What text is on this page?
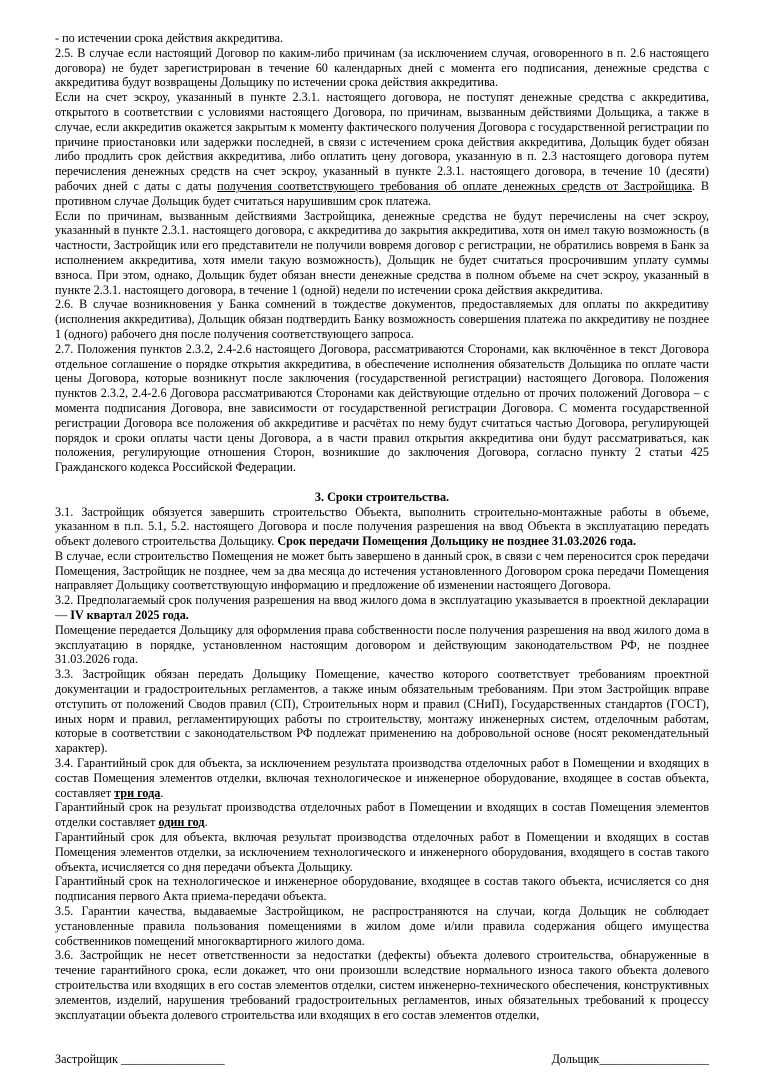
- по истечении срока действия аккредитива.

2.5. В случае если настоящий Договор по каким-либо причинам (за исключением случая, оговоренного в п. 2.6 настоящего договора) не будет зарегистрирован в течение 60 календарных дней с момента его подписания, денежные средства с аккредитива будут возвращены Дольщику по истечении срока действия аккредитива.

Если на счет эскроу, указанный в пункте 2.3.1. настоящего договора, не поступят денежные средства с аккредитива, открытого в соответствии с условиями настоящего Договора, по причинам, вызванным действиями Дольщика, а также в случае, если аккредитив окажется закрытым к моменту фактического получения Договора с государственной регистрации по причине приостановки или задержки последней, в связи с истечением срока действия аккредитива, Дольщик будет обязан либо продлить срок действия аккредитива, либо оплатить цену договора, указанную в п. 2.3 настоящего договора путем перечисления денежных средств на счет эскроу, указанный в пункте 2.3.1. настоящего договора, в течение 10 (десяти) рабочих дней с даты с даты получения соответствующего требования об оплате денежных средств от Застройщика. В противном случае Дольщик будет считаться нарушившим срок платежа.

Если по причинам, вызванным действиями Застройщика, денежные средства не будут перечислены на счет эскроу, указанный в пункте 2.3.1. настоящего договора, с аккредитива до закрытия аккредитива, хотя он имел такую возможность (в частности, Застройщик или его представители не получили вовремя договор с регистрации, не обратились вовремя в Банк за исполнением аккредитива, хотя имели такую возможность), Дольщик не будет считаться просрочившим уплату суммы взноса. При этом, однако, Дольщик будет обязан внести денежные средства в полном объеме на счет эскроу, указанный в пункте 2.3.1. настоящего договора, в течение 1 (одной) недели по истечении срока действия аккредитива.

2.6. В случае возникновения у Банка сомнений в тождестве документов, предоставляемых для оплаты по аккредитиву (исполнения аккредитива), Дольщик обязан подтвердить Банку возможность совершения платежа по аккредитиву не позднее 1 (одного) рабочего дня после получения соответствующего запроса.

2.7. Положения пунктов 2.3.2, 2.4-2.6 настоящего Договора, рассматриваются Сторонами, как включённое в текст Договора отдельное соглашение о порядке открытия аккредитива, в обеспечение исполнения обязательств Дольщика по оплате части цены Договора, которые возникнут после заключения (государственной регистрации) настоящего Договора. Положения пунктов 2.3.2, 2.4-2.6 Договора рассматриваются Сторонами как действующие отдельно от прочих положений Договора – с момента подписания Договора, вне зависимости от государственной регистрации Договора. С момента государственной регистрации Договора все положения об аккредитиве и расчётах по нему будут считаться частью Договора, регулирующей порядок и сроки оплаты части цены Договора, а в части правил открытия аккредитива они будут рассматриваться, как положения, регулирующие отношения Сторон, возникшие до заключения Договора, согласно пункту 2 статьи 425 Гражданского кодекса Российской Федерации.

3. Сроки строительства.

3.1. Застройщик обязуется завершить строительство Объекта, выполнить строительно-монтажные работы в объеме, указанном в п.п. 5.1, 5.2. настоящего Договора и после получения разрешения на ввод Объекта в эксплуатацию передать объект долевого строительства Дольщику. Срок передачи Помещения Дольщику не позднее 31.03.2026 года.

В случае, если строительство Помещения не может быть завершено в данный срок, в связи с чем переносится срок передачи Помещения, Застройщик не позднее, чем за два месяца до истечения установленного Договором срока передачи Помещения направляет Дольщику соответствующую информацию и предложение об изменении настоящего Договора.

3.2. Предполагаемый срок получения разрешения на ввод жилого дома в эксплуатацию указывается в проектной декларации — IV квартал 2025 года.

Помещение передается Дольщику для оформления права собственности после получения разрешения на ввод жилого дома в эксплуатацию в порядке, установленном настоящим договором и действующим законодательством РФ, не позднее 31.03.2026 года.

3.3. Застройщик обязан передать Дольщику Помещение, качество которого соответствует требованиям проектной документации и градостроительных регламентов, а также иным обязательным требованиям. При этом Застройщик вправе отступить от положений Сводов правил (СП), Строительных норм и правил (СНиП), Государственных стандартов (ГОСТ), иных норм и правил, регламентирующих работы по строительству, монтажу инженерных систем, отделочным работам, которые в соответствии с законодательством РФ подлежат применению на добровольной основе (носят рекомендательный характер).

3.4. Гарантийный срок для объекта, за исключением результата производства отделочных работ в Помещении и входящих в состав Помещения элементов отделки, включая технологическое и инженерное оборудование, входящее в состав объекта, составляет три года.

Гарантийный срок на результат производства отделочных работ в Помещении и входящих в состав Помещения элементов отделки составляет один год.

Гарантийный срок для объекта, включая результат производства отделочных работ в Помещении и входящих в состав Помещения элементов отделки, за исключением технологического и инженерного оборудования, входящего в состав такого объекта, исчисляется со дня передачи объекта Дольщику.

Гарантийный срок на технологическое и инженерное оборудование, входящее в состав такого объекта, исчисляется со дня подписания первого Акта приема-передачи объекта.

3.5. Гарантии качества, выдаваемые Застройщиком, не распространяются на случаи, когда Дольщик не соблюдает установленные правила пользования помещениями в жилом доме и/или правила содержания общего имущества собственников помещений многоквартирного жилого дома.

3.6. Застройщик не несет ответственности за недостатки (дефекты) объекта долевого строительства, обнаруженные в течение гарантийного срока, если докажет, что они произошли вследствие нормального износа такого объекта долевого строительства или входящих в его состав элементов отделки, систем инженерно-технического обеспечения, конструктивных элементов, изделий, нарушения требований градостроительных регламентов, иных обязательных требований к процессу эксплуатации объекта долевого строительства или входящих в его состав элементов отделки,

Застройщик _________________	Дольщик__________________
